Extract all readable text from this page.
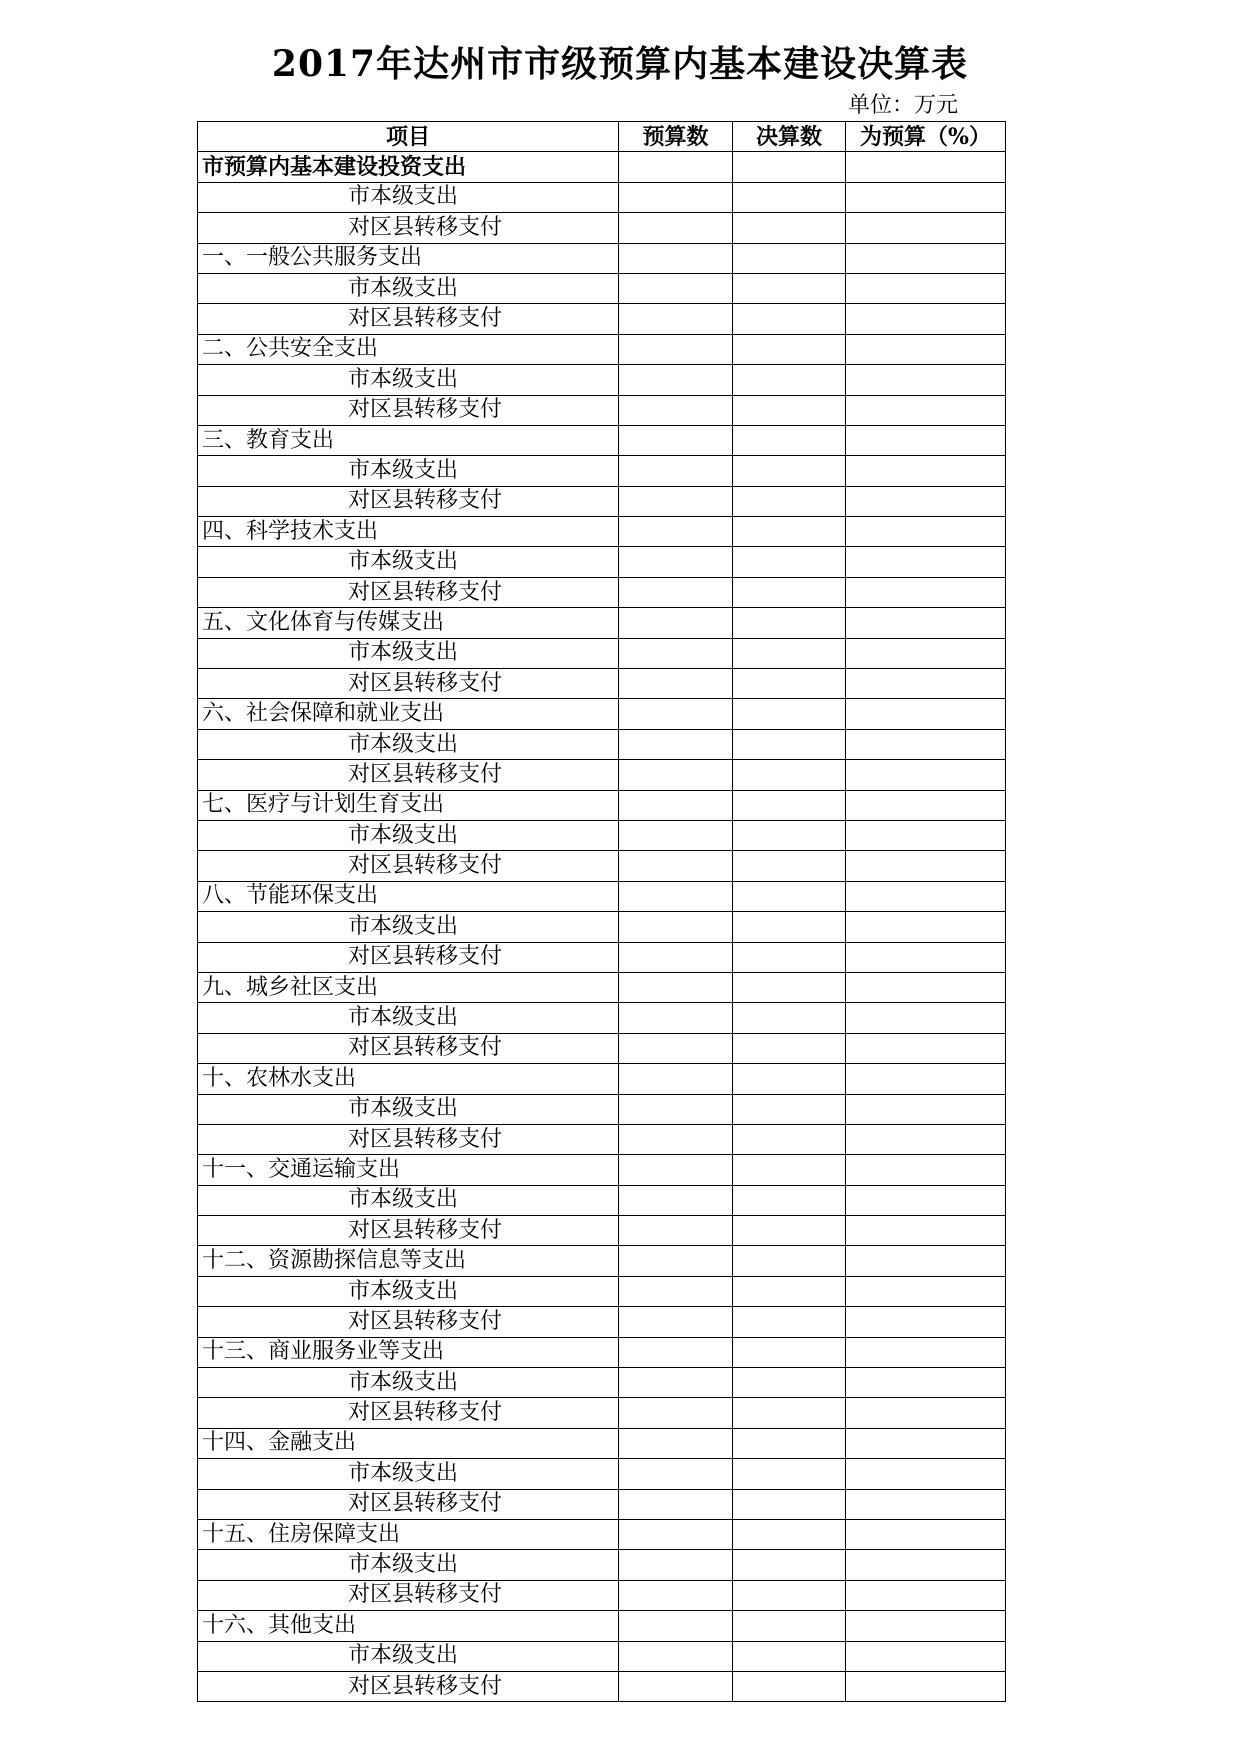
2017年达州市市级预算内基本建设决算表
单位：万元
项目	预算数	决算数	为预算（%）
市预算内基本建设投资支出			
市本级支出			
对区县转移支付			
一、一般公共服务支出			
市本级支出			
对区县转移支付			
二、公共安全支出			
市本级支出			
对区县转移支付			
三、教育支出			
市本级支出			
对区县转移支付			
四、科学技术支出			
市本级支出			
对区县转移支付			
五、文化体育与传媒支出			
市本级支出			
对区县转移支付			
六、社会保障和就业支出			
市本级支出			
对区县转移支付			
七、医疗与计划生育支出			
市本级支出			
对区县转移支付			
八、节能环保支出			
市本级支出			
对区县转移支付			
九、城乡社区支出			
市本级支出			
对区县转移支付			
十、农林水支出			
市本级支出			
对区县转移支付			
十一、交通运输支出			
市本级支出			
对区县转移支付			
十二、资源勘探信息等支出			
市本级支出			
对区县转移支付			
十三、商业服务业等支出			
市本级支出			
对区县转移支付			
十四、金融支出			
市本级支出			
对区县转移支付			
十五、住房保障支出			
市本级支出			
对区县转移支付			
十六、其他支出			
市本级支出			
对区县转移支付			
